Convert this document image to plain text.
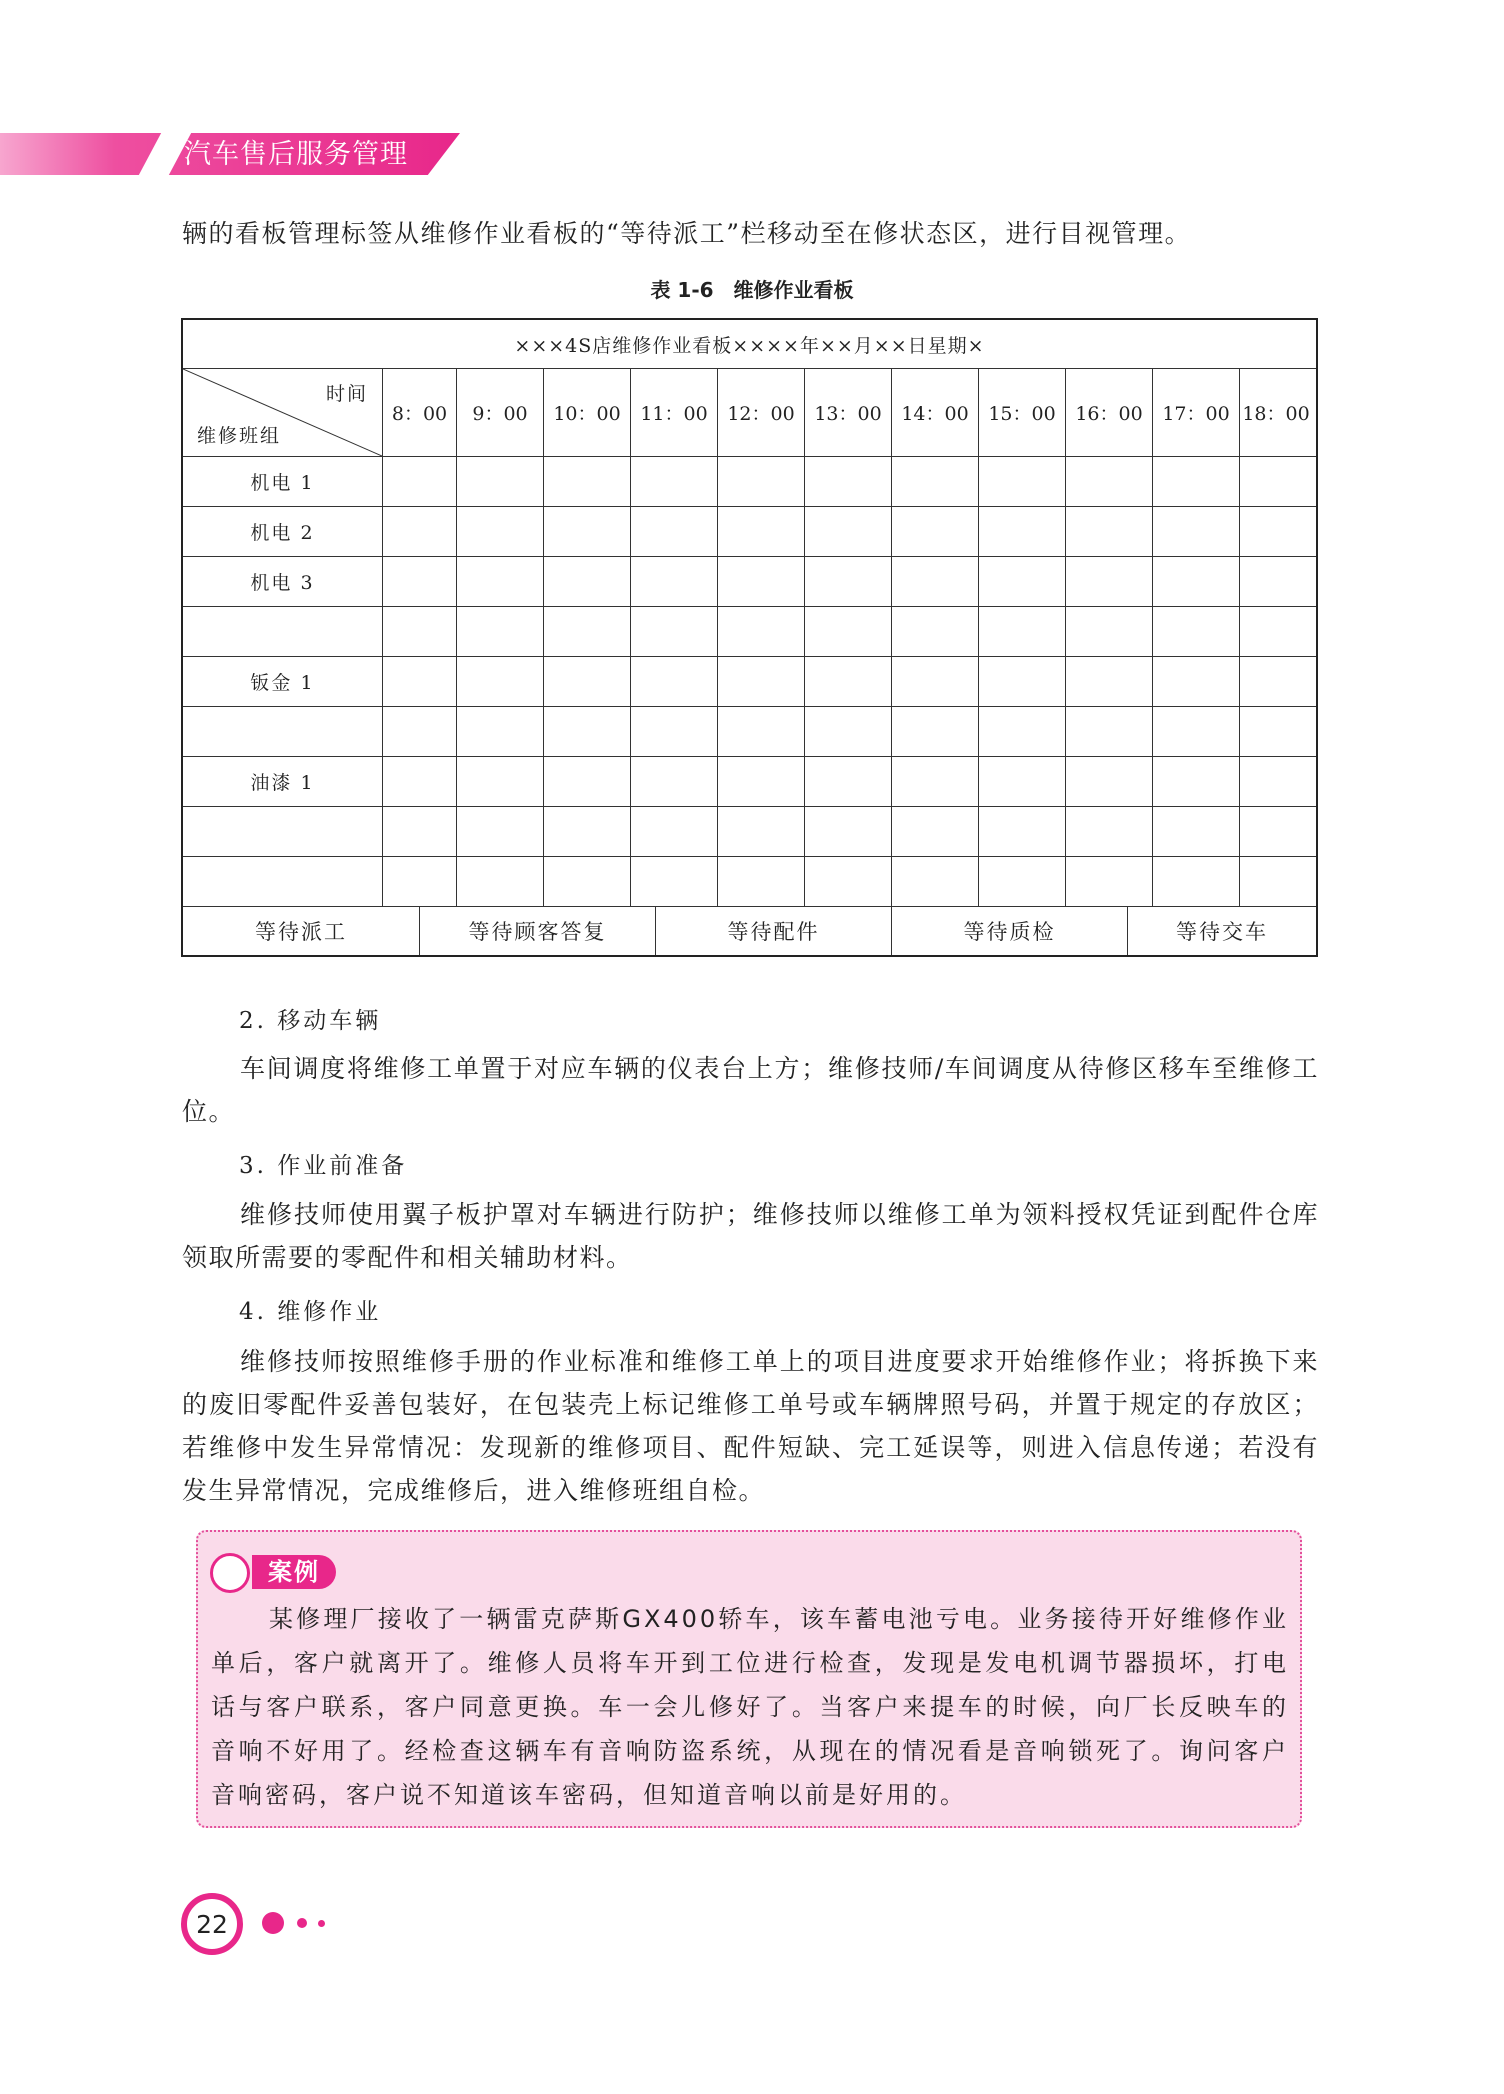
汽车售后服务管理
辆的看板管理标签从维修作业看板的“等待派工”栏移动至在修状态区，进行目视管理。
表 1-6　维修作业看板
×××4S店维修作业看板××××年××月××日星期×
时间
维修班组
8：00	9：00	10：00	11：00	12：00	13：00	14：00	15：00	16：00	17：00 18：00
机电 1
机电 2
机电 3
钣金 1
油漆 1
等待派工	等待顾客答复	等待配件	等待质检	等待交车
2. 移动车辆
车间调度将维修工单置于对应车辆的仪表台上方；维修技师/车间调度从待修区移车至维修工位。
3. 作业前准备
维修技师使用翼子板护罩对车辆进行防护；维修技师以维修工单为领料授权凭证到配件仓库领取所需要的零配件和相关辅助材料。
4. 维修作业
维修技师按照维修手册的作业标准和维修工单上的项目进度要求开始维修作业；将拆换下来的废旧零配件妥善包装好，在包装壳上标记维修工单号或车辆牌照号码，并置于规定的存放区；若维修中发生异常情况：发现新的维修项目、配件短缺、完工延误等，则进入信息传递；若没有发生异常情况，完成维修后，进入维修班组自检。
案例
某修理厂接收了一辆雷克萨斯GX400轿车，该车蓄电池亏电。业务接待开好维修作业单后，客户就离开了。维修人员将车开到工位进行检查，发现是发电机调节器损坏，打电话与客户联系，客户同意更换。车一会儿修好了。当客户来提车的时候，向厂长反映车的音响不好用了。经检查这辆车有音响防盗系统，从现在的情况看是音响锁死了。询问客户音响密码，客户说不知道该车密码，但知道音响以前是好用的。
22
